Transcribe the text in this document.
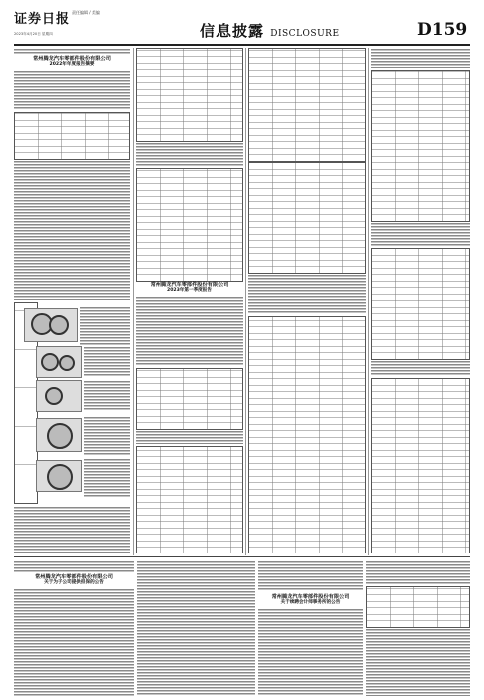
证券日报 责任编辑 / 美编
2023年4月20日 星期四	信息披露 DISCLOSURE	D159
常州腾龙汽车零部件股份有限公司
2022年年度报告摘要
常州腾龙汽车零部件股份有限公司
2023年第一季度报告
常州腾龙汽车零部件股份有限公司
关于为子公司提供担保的公告
常州腾龙汽车零部件股份有限公司
关于续聘会计师事务所的公告
